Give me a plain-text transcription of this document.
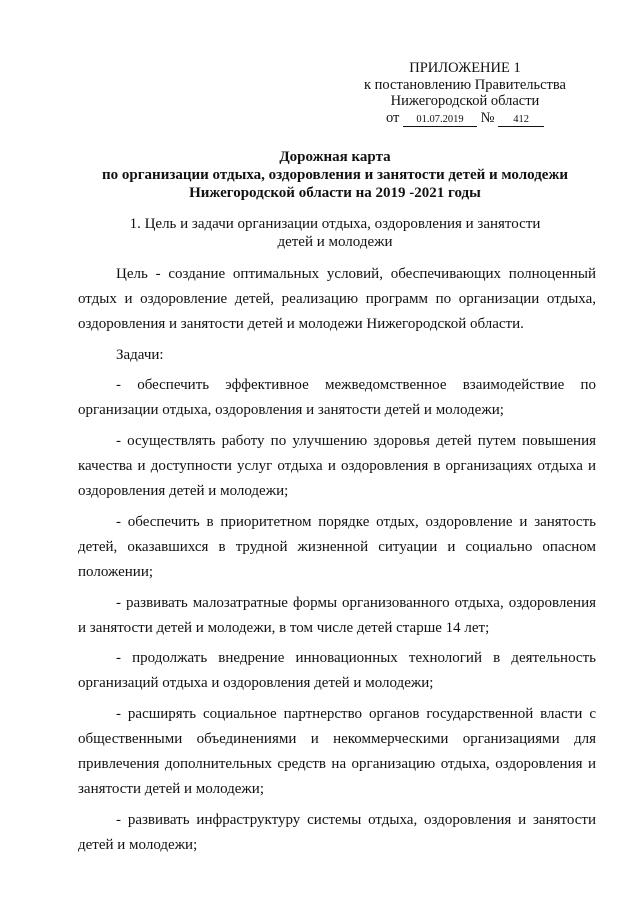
ПРИЛОЖЕНИЕ 1
к постановлению Правительства
Нижегородской области
от 01.07.2019 № 412
Дорожная карта
по организации отдыха, оздоровления и занятости детей и молодежи
Нижегородской области на 2019 -2021 годы
1. Цель и задачи организации отдыха, оздоровления и занятости
детей и молодежи

Цель - создание оптимальных условий, обеспечивающих полноценный отдых и оздоровление детей, реализацию программ по организации отдыха, оздоровления и занятости детей и молодежи Нижегородской области.

Задачи:

- обеспечить эффективное межведомственное взаимодействие по организации отдыха, оздоровления и занятости детей и молодежи;

- осуществлять работу по улучшению здоровья детей путем повышения качества и доступности услуг отдыха и оздоровления в организациях отдыха и оздоровления детей и молодежи;

- обеспечить в приоритетном порядке отдых, оздоровление и занятость детей, оказавшихся в трудной жизненной ситуации и социально опасном положении;

- развивать малозатратные формы организованного отдыха, оздоровления и занятости детей и молодежи, в том числе детей старше 14 лет;

- продолжать внедрение инновационных технологий в деятельность организаций отдыха и оздоровления детей и молодежи;

- расширять социальное партнерство органов государственной власти с общественными объединениями и некоммерческими организациями для привлечения дополнительных средств на организацию отдыха, оздоровления и занятости детей и молодежи;

- развивать инфраструктуру системы отдыха, оздоровления и занятости детей и молодежи;
